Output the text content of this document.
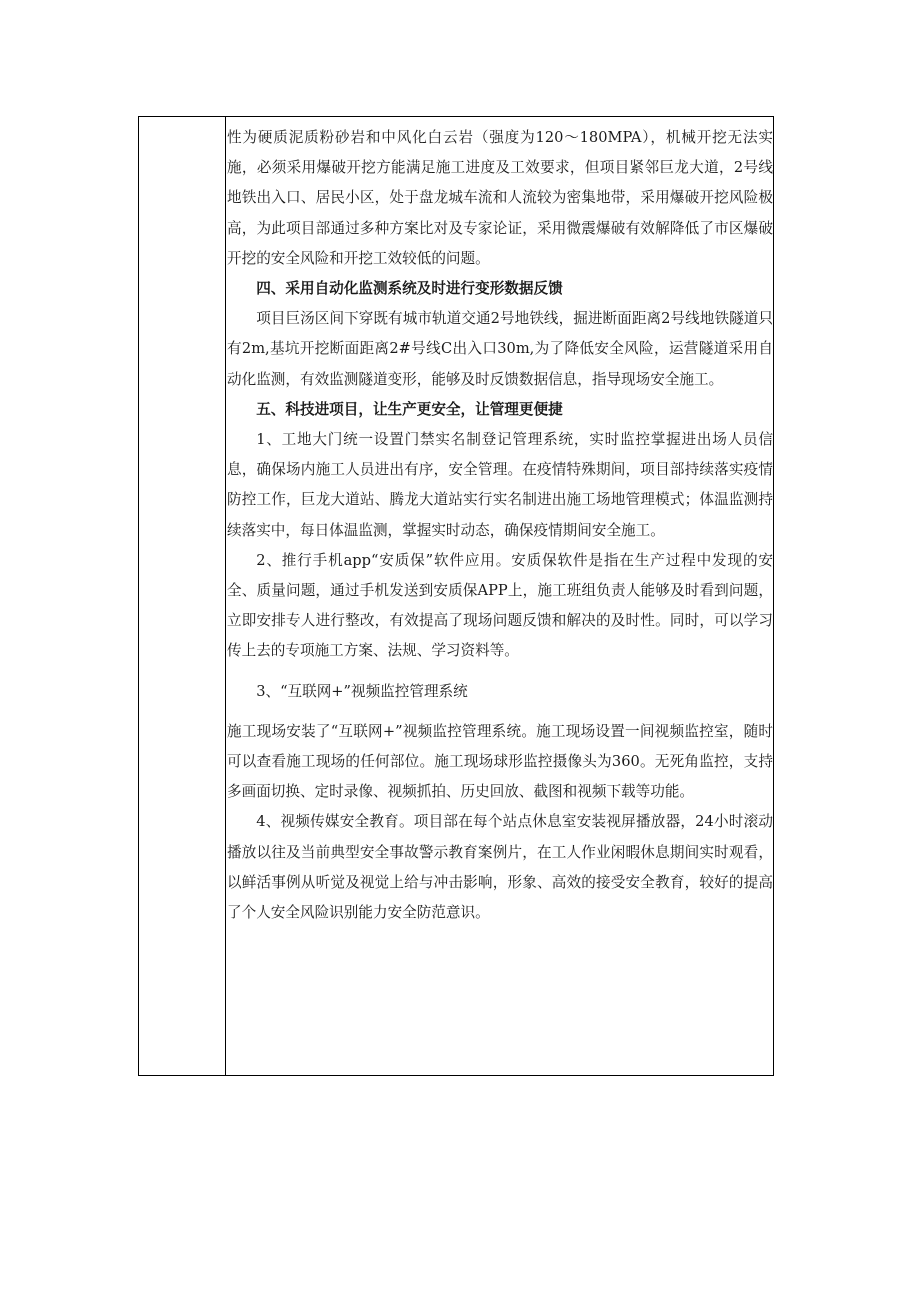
性为硬质泥质粉砂岩和中风化白云岩（强度为120～180MPA），机械开挖无法实施，必须采用爆破开挖方能满足施工进度及工效要求，但项目紧邻巨龙大道，2号线地铁出入口、居民小区，处于盘龙城车流和人流较为密集地带，采用爆破开挖风险极高，为此项目部通过多种方案比对及专家论证，采用微震爆破有效解降低了市区爆破开挖的安全风险和开挖工效较低的问题。

四、采用自动化监测系统及时进行变形数据反馈

项目巨汤区间下穿既有城市轨道交通2号地铁线，掘进断面距离2号线地铁隧道只有2m,基坑开挖断面距离2#号线C出入口30m,为了降低安全风险，运营隧道采用自动化监测，有效监测隧道变形，能够及时反馈数据信息，指导现场安全施工。

五、科技进项目，让生产更安全，让管理更便捷

1、工地大门统一设置门禁实名制登记管理系统，实时监控掌握进出场人员信息，确保场内施工人员进出有序，安全管理。在疫情特殊期间，项目部持续落实疫情防控工作，巨龙大道站、腾龙大道站实行实名制进出施工场地管理模式；体温监测持续落实中，每日体温监测，掌握实时动态，确保疫情期间安全施工。

2、推行手机app“安质保”软件应用。安质保软件是指在生产过程中发现的安全、质量问题，通过手机发送到安质保APP上，施工班组负责人能够及时看到问题，立即安排专人进行整改，有效提高了现场问题反馈和解决的及时性。同时，可以学习传上去的专项施工方案、法规、学习资料等。

3、“互联网+”视频监控管理系统

施工现场安装了“互联网+”视频监控管理系统。施工现场设置一间视频监控室，随时可以查看施工现场的任何部位。施工现场球形监控摄像头为360。无死角监控，支持多画面切换、定时录像、视频抓拍、历史回放、截图和视频下载等功能。

4、视频传媒安全教育。项目部在每个站点休息室安装视屏播放器，24小时滚动播放以往及当前典型安全事故警示教育案例片，在工人作业闲暇休息期间实时观看，以鲜活事例从听觉及视觉上给与冲击影响，形象、高效的接受安全教育，较好的提高了个人安全风险识别能力安全防范意识。
